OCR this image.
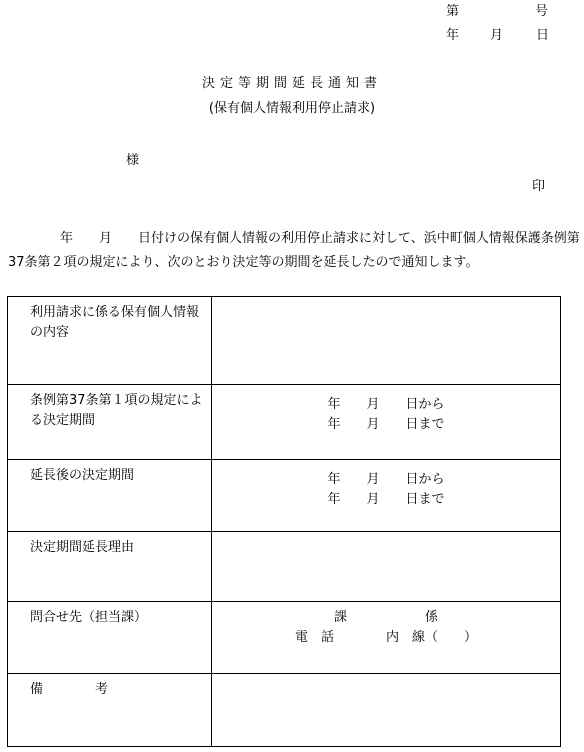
第	号
年 月	日
決定等期間延長通知書
(保有個人情報利用停止請求)
様
印
　　　　年　　月　　日付けの保有個人情報の利用停止請求に対して、浜中町個人情報保護条例第37条第２項の規定により、次のとおり決定等の期間を延長したので通知します。
利用請求に係る保有個人情報の内容	
条例第37条第１項の規定による決定期間	年　　月　　日から
年　　月　　日まで

延長後の決定期間	年　　月　　日から
年　　月　　日まで

決定期間延長理由	
問合せ先（担当課）	課　　　　　　係
電　話　　　　内　線（　　）

備　　　　考	
